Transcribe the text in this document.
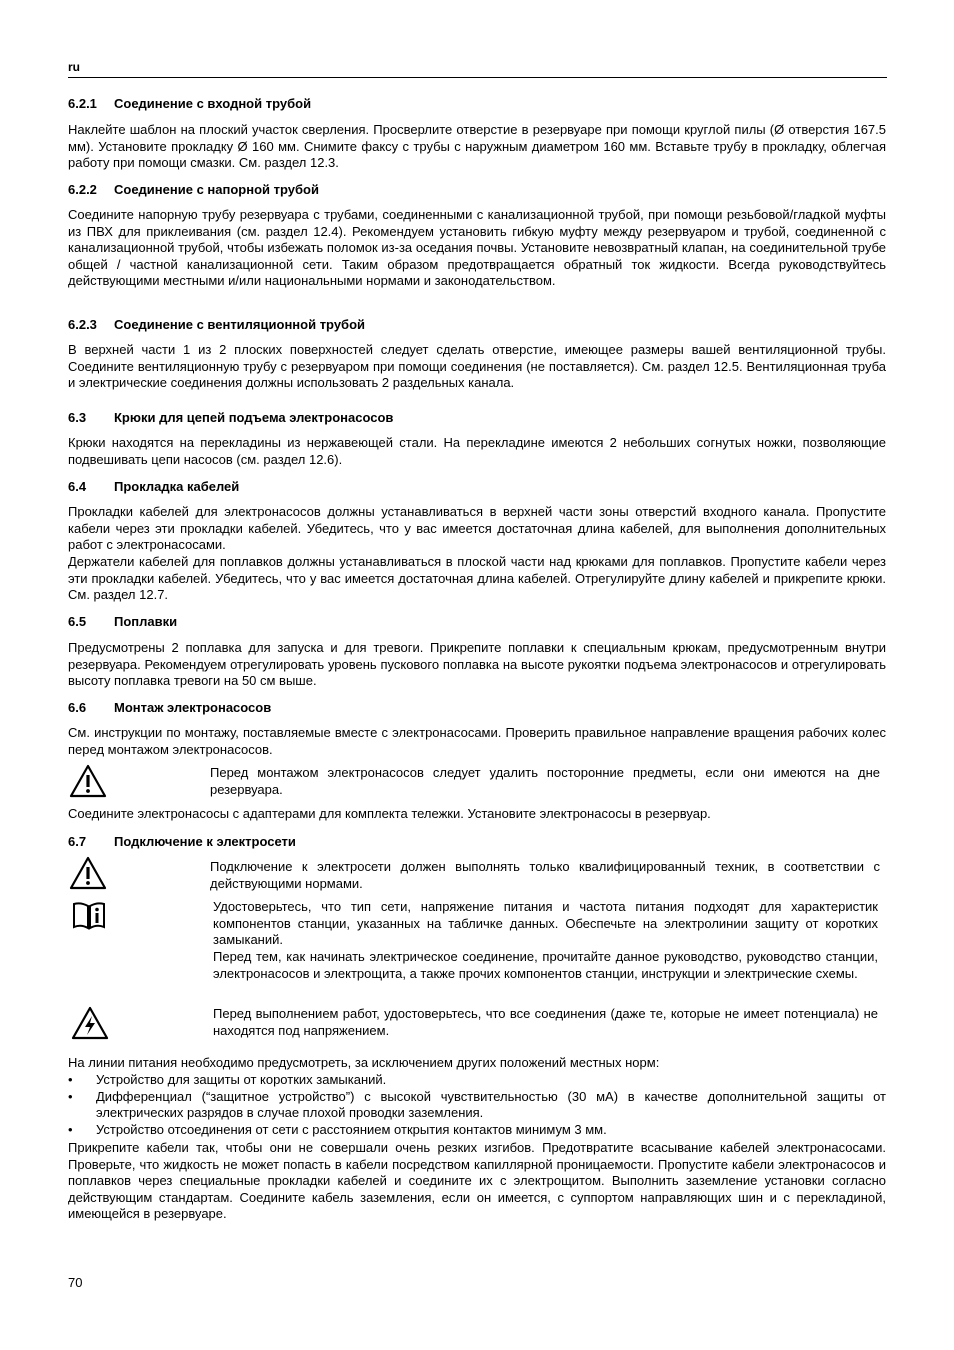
ru
6.2.1 Соединение с входной трубой
Наклейте шаблон на плоский участок сверления. Просверлите отверстие в резервуаре при помощи круглой пилы (Ø отверстия 167.5 мм). Установите прокладку Ø 160 мм. Снимите факсу с трубы с наружным диаметром 160 мм. Вставьте трубу в прокладку, облегчая работу при помощи смазки. См. раздел 12.3.
6.2.2 Соединение с напорной трубой
Соедините напорную трубу резервуара с трубами, соединенными с канализационной трубой, при помощи резьбовой/гладкой муфты из ПВХ для приклеивания (см. раздел 12.4). Рекомендуем установить гибкую муфту между резервуаром и трубой, соединенной с канализационной трубой, чтобы избежать поломок из-за оседания почвы. Установите невозвратный клапан, на соединительной трубе общей / частной канализационной сети. Таким образом предотвращается обратный ток жидкости. Всегда руководствуйтесь действующими местными и/или национальными нормами и законодательством.
6.2.3 Соединение с вентиляционной трубой
В верхней части 1 из 2 плоских поверхностей следует сделать отверстие, имеющее размеры вашей вентиляционной трубы. Соедините вентиляционную трубу с резервуаром при помощи соединения (не поставляется). См. раздел 12.5. Вентиляционная труба и электрические соединения должны использовать 2 раздельных канала.
6.3 Крюки для цепей подъема электронасосов
Крюки находятся на перекладины из нержавеющей стали. На перекладине имеются 2 небольших согнутых ножки, позволяющие подвешивать цепи насосов (см. раздел 12.6).
6.4 Прокладка кабелей
Прокладки кабелей для электронасосов должны устанавливаться в верхней части зоны отверстий входного канала. Пропустите кабели через эти прокладки кабелей. Убедитесь, что у вас имеется достаточная длина кабелей, для выполнения дополнительных работ с электронасосами.
Держатели кабелей для поплавков должны устанавливаться в плоской части над крюками для поплавков. Пропустите кабели через эти прокладки кабелей. Убедитесь, что у вас имеется достаточная длина кабелей. Отрегулируйте длину кабелей и прикрепите крюки. См. раздел 12.7.
6.5 Поплавки
Предусмотрены 2 поплавка для запуска и для тревоги. Прикрепите поплавки к специальным крюкам, предусмотренным внутри резервуара. Рекомендуем отрегулировать уровень пускового поплавка на высоте рукоятки подъема электронасосов и отрегулировать высоту поплавка тревоги на 50 см выше.
6.6 Монтаж электронасосов
См. инструкции по монтажу, поставляемые вместе с электронасосами. Проверить правильное направление вращения рабочих колес перед монтажом электронасосов.
Перед монтажом электронасосов следует удалить посторонние предметы, если они имеются на дне резервуара.
Соедините электронасосы с адаптерами для комплекта тележки. Установите электронасосы в резервуар.
6.7 Подключение к электросети
Подключение к электросети должен выполнять только квалифицированный техник, в соответствии с действующими нормами.
Удостоверьтесь, что тип сети, напряжение питания и частота питания подходят для характеристик компонентов станции, указанных на табличке данных. Обеспечьте на электролинии защиту от коротких замыканий.
Перед тем, как начинать электрическое соединение, прочитайте данное руководство, руководство станции, электронасосов и электрощита, а также прочих компонентов станции, инструкции и электрические схемы.
Перед выполнением работ, удостоверьтесь, что все соединения (даже те, которые не имеет потенциала) не находятся под напряжением.
На линии питания необходимо предусмотреть, за исключением других положений местных норм:
• Устройство для защиты от коротких замыканий.
• Дифференциал (“защитное устройство”) с высокой чувствительностью (30 мА) в качестве дополнительной защиты от электрических разрядов в случае плохой проводки заземления.
• Устройство отсоединения от сети с расстоянием открытия контактов минимум 3 мм.
Прикрепите кабели так, чтобы они не совершали очень резких изгибов. Предотвратите всасывание кабелей электронасосами. Проверьте, что жидкость не может попасть в кабели посредством капиллярной проницаемости. Пропустите кабели электронасосов и поплавков через специальные прокладки кабелей и соедините их с электрощитом. Выполнить заземление установки согласно действующим стандартам. Соедините кабель заземления, если он имеется, с суппортом направляющих шин и с перекладиной, имеющейся в резервуаре.
70
